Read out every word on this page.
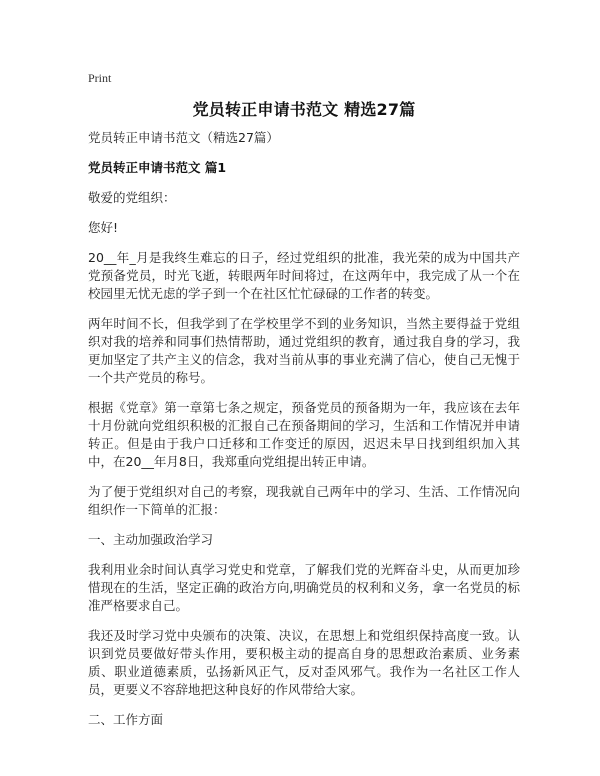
Print
党员转正申请书范文 精选27篇

党员转正申请书范文（精选27篇）

党员转正申请书范文 篇1

敬爱的党组织：

您好!

20__年_月是我终生难忘的日子，经过党组织的批准，我光荣的成为中国共产党预备党员，时光飞逝，转眼两年时间将过，在这两年中，我完成了从一个在校园里无忧无虑的学子到一个在社区忙忙碌碌的工作者的转变。

两年时间不长，但我学到了在学校里学不到的业务知识，当然主要得益于党组织对我的培养和同事们热情帮助，通过党组织的教育，通过我自身的学习，我更加坚定了共产主义的信念，我对当前从事的事业充满了信心，使自己无愧于一个共产党员的称号。

根据《党章》第一章第七条之规定，预备党员的预备期为一年，我应该在去年十月份就向党组织积极的汇报自己在预备期间的学习，生活和工作情况并申请转正。但是由于我户口迁移和工作变迁的原因，迟迟未早日找到组织加入其中，在20__年月8日，我郑重向党组提出转正申请。

为了便于党组织对自己的考察，现我就自己两年中的学习、生活、工作情况向组织作一下简单的汇报：

一、主动加强政治学习

我利用业余时间认真学习党史和党章，了解我们党的光辉奋斗史，从而更加珍惜现在的生活，坚定正确的政治方向,明确党员的权利和义务，拿一名党员的标准严格要求自己。

我还及时学习党中央颁布的决策、决议，在思想上和党组织保持高度一致。认识到党员要做好带头作用，要积极主动的提高自身的思想政治素质、业务素质、职业道德素质，弘扬新风正气，反对歪风邪气。我作为一名社区工作人员，更要义不容辞地把这种良好的作风带给大家。

二、工作方面
